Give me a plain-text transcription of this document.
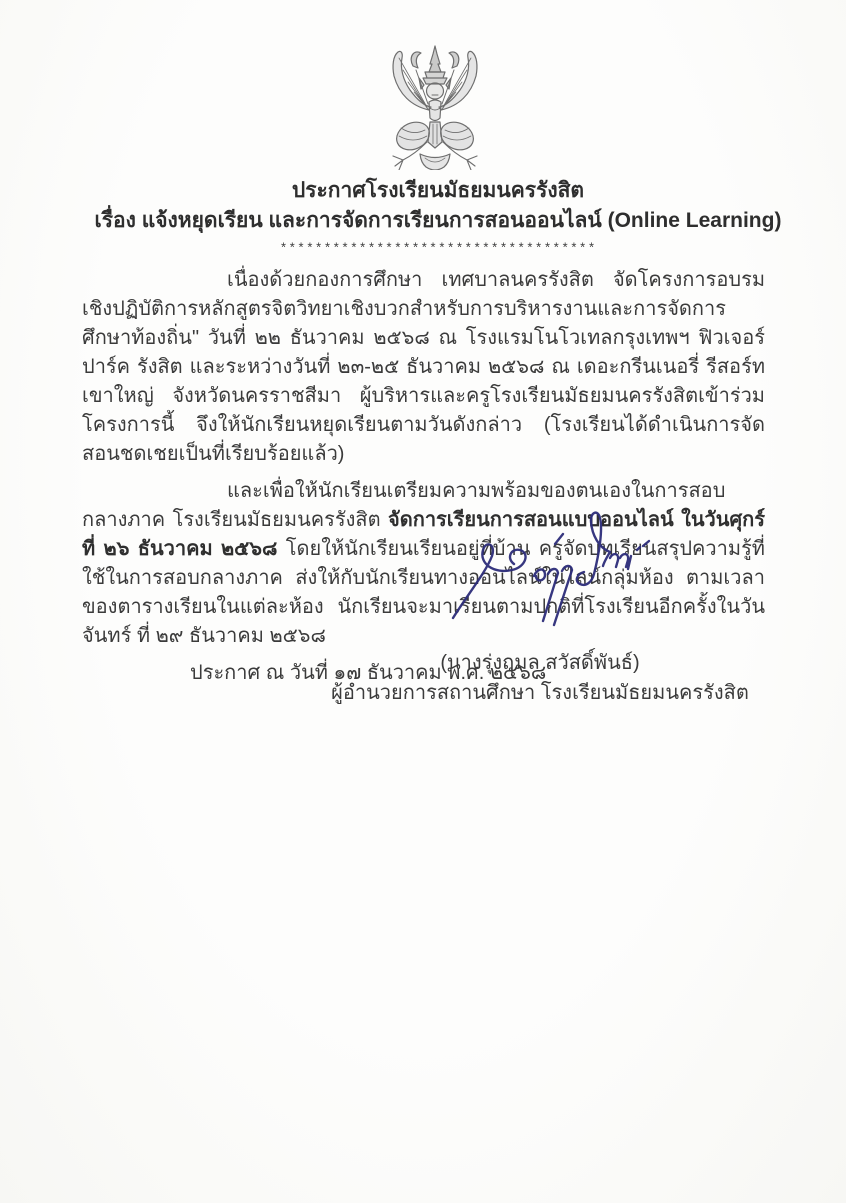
ประกาศโรงเรียนมัธยมนครรังสิต
เรื่อง แจ้งหยุดเรียน และการจัดการเรียนการสอนออนไลน์ (Online Learning)
************************************

เนื่องด้วยกองการศึกษา เทศบาลนครรังสิต จัดโครงการอบรมเชิงปฏิบัติการหลักสูตรจิตวิทยาเชิงบวกสำหรับการบริหารงานและการจัดการศึกษาท้องถิ่น" วันที่ ๒๒ ธันวาคม ๒๕๖๘ ณ โรงแรมโนโวเทลกรุงเทพฯ ฟิวเจอร์ปาร์ค รังสิต และระหว่างวันที่ ๒๓-๒๕ ธันวาคม ๒๕๖๘ ณ เดอะกรีนเนอรี่ รีสอร์ท เขาใหญ่ จังหวัดนครราชสีมา ผู้บริหารและครูโรงเรียนมัธยมนครรังสิตเข้าร่วมโครงการนี้ จึงให้นักเรียนหยุดเรียนตามวันดังกล่าว (โรงเรียนได้ดำเนินการจัดสอนชดเชยเป็นที่เรียบร้อยแล้ว)

และเพื่อให้นักเรียนเตรียมความพร้อมของตนเองในการสอบกลางภาค โรงเรียนมัธยมนครรังสิต จัดการเรียนการสอนแบบออนไลน์ ในวันศุกร์ ที่ ๒๖ ธันวาคม ๒๕๖๘ โดยให้นักเรียนเรียนอยู่ที่บ้าน ครูจัดบทเรียนสรุปความรู้ที่ใช้ในการสอบกลางภาค ส่งให้กับนักเรียนทางออนไลน์ในไลน์กลุ่มห้อง ตามเวลาของตารางเรียนในแต่ละห้อง นักเรียนจะมาเรียนตามปกติที่โรงเรียนอีกครั้งในวันจันทร์ ที่ ๒๙ ธันวาคม ๒๕๖๘

ประกาศ ณ วันที่ ๑๗ ธันวาคม พ.ศ. ๒๕๖๘

(นางรุ่งฤมล สวัสดิ์พันธ์)
ผู้อำนวยการสถานศึกษา โรงเรียนมัธยมนครรังสิต
